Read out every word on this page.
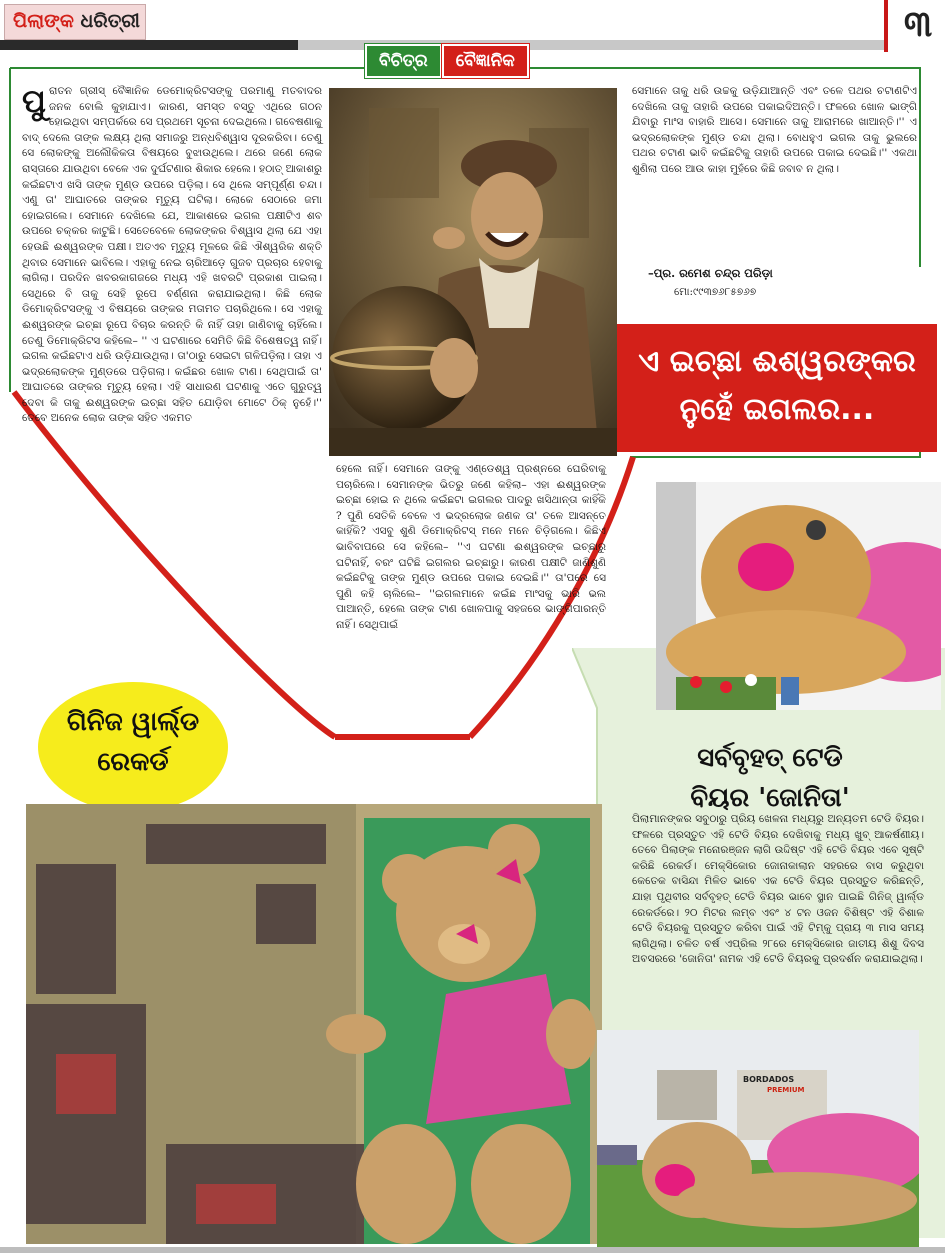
ପିଲାଙ୍କ ଧରିତ୍ରୀ	୩
ବିଚିତ୍ର	ବୈଜ୍ଞାନିକ
ପୁ ରାତନ ଗ୍ରୀସ୍ ବୈଜ୍ଞାନିକ ଡେମୋକ୍ରିଟସଙ୍କୁ ପରମାଣୁ ମତବାଦର ଜନକ ବୋଲି କୁହାଯାଏ। କାରଣ, ସମସ୍ତ ବସ୍ତୁ ଏଥିରେ ଗଠନ ହୋଇଥିବା ସମ୍ପର୍କରେ ସେ ପ୍ରଥମେ ସୂଚନା ଦେଇଥିଲେ। ଗବେଷଣାକୁ ବାଦ୍ ଦେଲେ ତାଙ୍କ ଲକ୍ଷ୍ୟ ଥିଲା ସମାଜରୁ ଅନ୍ଧବିଶ୍ୱାସ ଦୂରକରିବା। ତେଣୁ ସେ ଲୋକଙ୍କୁ ଅଲୌକିକତା ବିଷୟରେ ବୁଝାଉଥିଲେ। ଥରେ ଜଣେ ଲୋକ ରାସ୍ତାରେ ଯାଉଥିବା ବେଳେ ଏକ ଦୁର୍ଘଟଣାର ଶିକାର ହେଲେ। ହଠାତ୍ ଆକାଶରୁ କଇଁଛଟାଏ ଖସି ତାଙ୍କ ମୁଣ୍ଡ ଉପରେ ପଡ଼ିଲା। ସେ ଥିଲେ ସମ୍ପୂର୍ଣ୍ଣ ଚନ୍ଦା। ଏଣୁ ତା' ଆଘାତରେ ତାଙ୍କର ମୃତ୍ୟୁ ଘଟିଲା। ଲୋକେ ସେଠାରେ ଜମା ହୋଇଗଲେ। ସେମାନେ ଦେଖିଲେ ଯେ, ଆକାଶରେ ଇଗଲ ପକ୍ଷୀଟିଏ ଶବ ଉପରେ ଚକ୍କର କାଟୁଛି। ସେତେବେଳେ ଲୋକଙ୍କର ବିଶ୍ୱାସ ଥିଲା ଯେ ଏହା ହେଉଛି ଈଶ୍ୱରଙ୍କ ପକ୍ଷୀ। ଅତଏବ ମୃତ୍ୟୁ ମୂଳରେ କିଛି ଐଶ୍ୱରିକ ଶକ୍ତି ଥିବାର ସେମାନେ ଭାବିଲେ। ଏହାକୁ ନେଇ ଚାରିଆଡ଼େ ଗୁଜବ ପ୍ରଚାର ହେବାକୁ ଲାଗିଲା। ପରଦିନ ଖବରକାଗଜରେ ମଧ୍ୟ ଏହି ଖବରଟି ପ୍ରକାଶ ପାଇଲା। ସେଥିରେ ବି ତାକୁ ସେହି ରୂପେ ବର୍ଣ୍ଣନା କରାଯାଇଥିଲା। କିଛି ଲୋକ ଡିମୋକ୍ରିଟସଙ୍କୁ ଏ ବିଷୟରେ ତାଙ୍କର ମତାମତ ପଚାରିଥିଲେ। ସେ ଏହାକୁ ଈଶ୍ୱରଙ୍କ ଇଚ୍ଛା ରୂପେ ବିଚାର କରନ୍ତି କି ନାହିଁ ତାହା ଜାଣିବାକୁ ଚାହିଁଲେ। ତେଣୁ ଡିମୋକ୍ରିଟସ କହିଲେ– '' ଏ ଘଟଣାରେ ସେମିତି କିଛି ବିଶେଷତ୍ୱ ନାହିଁ। ଇଗଲ କଇଁଛଟାଏ ଧରି ଉଡ଼ିଯାଉଥିଲା। ତା'ଠାରୁ ସେଇଟା ଗଳିପଡ଼ିଲା। ତାହା ଏ ଭଦ୍ରଲୋକଙ୍କ ମୁଣ୍ଡରେ ପଡ଼ିଗଲା। କଇଁଛର ଖୋଳ ଟାଣ। ସେଥିପାଇଁ ତା' ଆଘାତରେ ତାଙ୍କର ମୃତ୍ୟୁ ହେଲା। ଏହି ସାଧାରଣ ଘଟଣାକୁ ଏତେ ଗୁରୁତ୍ୱ ଦେବା କି ତାକୁ ଈଶ୍ୱରଙ୍କ ଇଚ୍ଛା ସହିତ ଯୋଡ଼ିବା ମୋଟେ ଠିକ୍ ନୁହେଁ।'' ତେବେ ଅନେକ ଲୋକ ତାଙ୍କ ସହିତ ଏକମତ
ହେଲେ ନାହିଁ। ସେମାନେ ତାଙ୍କୁ ଏଣ୍ଡେଶ୍ୱ ପ୍ରଶ୍ନରେ ଘେରିବାକୁ ପଚାରିଲେ। ସେମାନଙ୍କ ଭିତରୁ ଜଣେ କହିଲା– ଏହା ଈଶ୍ୱରଙ୍କ ଇଚ୍ଛା ହୋଇ ନ ଥିଲେ କଇଁଛଟା ଇଗଲର ପାଦରୁ ଖସିଥାନ୍ତା କାହିଁକି ? ପୁଣି ସେତିକି ବେଳେ ଏ ଭଦ୍ରଲୋକ ଜଣକ ତା' ତଳେ ଆସନ୍ତେ କାହିଁକି? ଏସବୁ ଶୁଣି ଡିମୋକ୍ରିଟସ୍ ମନେ ମନେ ଚିଡ଼ିଗଲେ। କିଛିଏ ଭାବିବାପରେ ସେ କହିଲେ– ''ଏ ଘଟଣା ଈଶ୍ୱରଙ୍କ ଇଚ୍ଛାରୁ ଘଟିନାହିଁ, ବରଂ ଘଟିଛି ଇଗଲର ଇଚ୍ଛାରୁ। କାରଣ ପକ୍ଷୀଟି ଜାଣିଶୁଣି କଇଁଛଟିକୁ ତାଙ୍କ ମୁଣ୍ଡ ଉପରେ ପକାଇ ଦେଇଛି।'' ତା'ପରେ ସେ ପୁଣି କହି ଚାଲିଲେ– ''ଇଗଲମାନେ କଇଁଛ ମାଂସକୁ ଭାରି ଭଲ ପାଆନ୍ତି, ହେଲେ ତାଙ୍କ ଟାଣ ଖୋଳପାକୁ ସହଜରେ ଭାଙ୍ଗିପାରନ୍ତି ନାହିଁ। ସେଥିପାଇଁ
ସେମାନେ ତାକୁ ଧରି ଉଚ୍ଚକୁ ଉଡ଼ିଯାଆନ୍ତି ଏବଂ ତଳେ ପଥର ଚଟାଣଟିଏ ଦେଖିଲେ ତାକୁ ତାହାରି ଉପରେ ପକାଇଦିଅନ୍ତି। ଫଳରେ ଖୋଳ ଭାଙ୍ଗି ଯିବାରୁ ମାଂସ ବାହାରି ଆସେ। ସେମାନେ ତାକୁ ଆରାମରେ ଖାଆନ୍ତି।'' ଏ ଭଦ୍ରଲୋକଙ୍କ ମୁଣ୍ଡ ଚନ୍ଦା ଥିଲା। ବୋଧହୁଏ ଇଗଲ ତାକୁ ଭୁଲରେ ପଥର ଚଟାଣ ଭାବି କଇଁଛଟିକୁ ତାହାରି ଉପରେ ପକାଇ ଦେଇଛି।'' ଏକଥା ଶୁଣିଲା ପରେ ଆଉ କାହା ମୁହଁରେ କିଛି ଜବାବ ନ ଥିଲା।
–ପ୍ର. ରମେଶ ଚନ୍ଦ୍ର ପରିଡ଼ା
ମୋ:୯୯୩୭୬୮୫୭୬୭
ଏ ଇଚ୍ଛା ଈଶ୍ୱରଙ୍କର
ନୁହେଁ ଇଗଲର...
ସର୍ବବୃହତ୍ ଟେଡି
ବିୟର 'ଜୋନିତା'
ପିଲାମାନଙ୍କର ସବୁଠାରୁ ପ୍ରିୟ ଖେଳନା ମଧ୍ୟରୁ ଅନ୍ୟତମ ଟେଡି ବିୟର। ଫଳରେ ପ୍ରସ୍ତୁତ ଏହି ଟେଡି ବିୟର ଦେଖିବାକୁ ମଧ୍ୟ ଖୁବ୍ ଆକର୍ଷଣୀୟ। ତେବେ ପିଲାଙ୍କ ମନୋରଞ୍ଜନ ଲାଗି ଉଦ୍ଦିଷ୍ଟ ଏହି ଟେଡି ବିୟର ଏବେ ସୃଷ୍ଟି କରିଛି ରେକର୍ଡ। ମେକ୍ସିକୋର ଜୋନାକାଲାନ ସହରରେ ବାସ କରୁଥିବା କେତେକ ବାସିନ୍ଦା ମିଳିତ ଭାବେ ଏକ ଟେଡି ବିୟର ପ୍ରସ୍ତୁତ କରିଛନ୍ତି, ଯାହା ପୃଥିବୀର ସର୍ବବୃହତ୍ ଟେଡି ବିୟର ଭାବେ ସ୍ଥାନ ପାଇଛି ଗିନିଜ୍ ୱାର୍ଲ୍ଡ ରେକର୍ଡରେ। ୨୦ ମିଟର ଲମ୍ବ ଏବଂ ୪ ଟନ ଓଜନ ବିଶିଷ୍ଟ ଏହି ବିଶାଳ ଟେଡି ବିୟରକୁ ପ୍ରସ୍ତୁତ କରିବା ପାଇଁ ଏହି ଟିମ୍‌କୁ ପ୍ରାୟ ୩ ମାସ ସମୟ ଲାଗିଥିଲା। ଚଳିତ ବର୍ଷ ଏପ୍ରିଲ ୨୮ରେ ମେକ୍ସିକୋର ଜାତୀୟ ଶିଶୁ ଦିବସ ଅବସରରେ 'ଜୋନିତା' ନାମକ ଏହି ଟେଡି ବିୟରକୁ ପ୍ରଦର୍ଶନ କରାଯାଇଥିଲା।
ଗିନିଜ ୱାର୍ଲ୍ଡ
ରେକର୍ଡ
BORDADOS
PREMIUM
